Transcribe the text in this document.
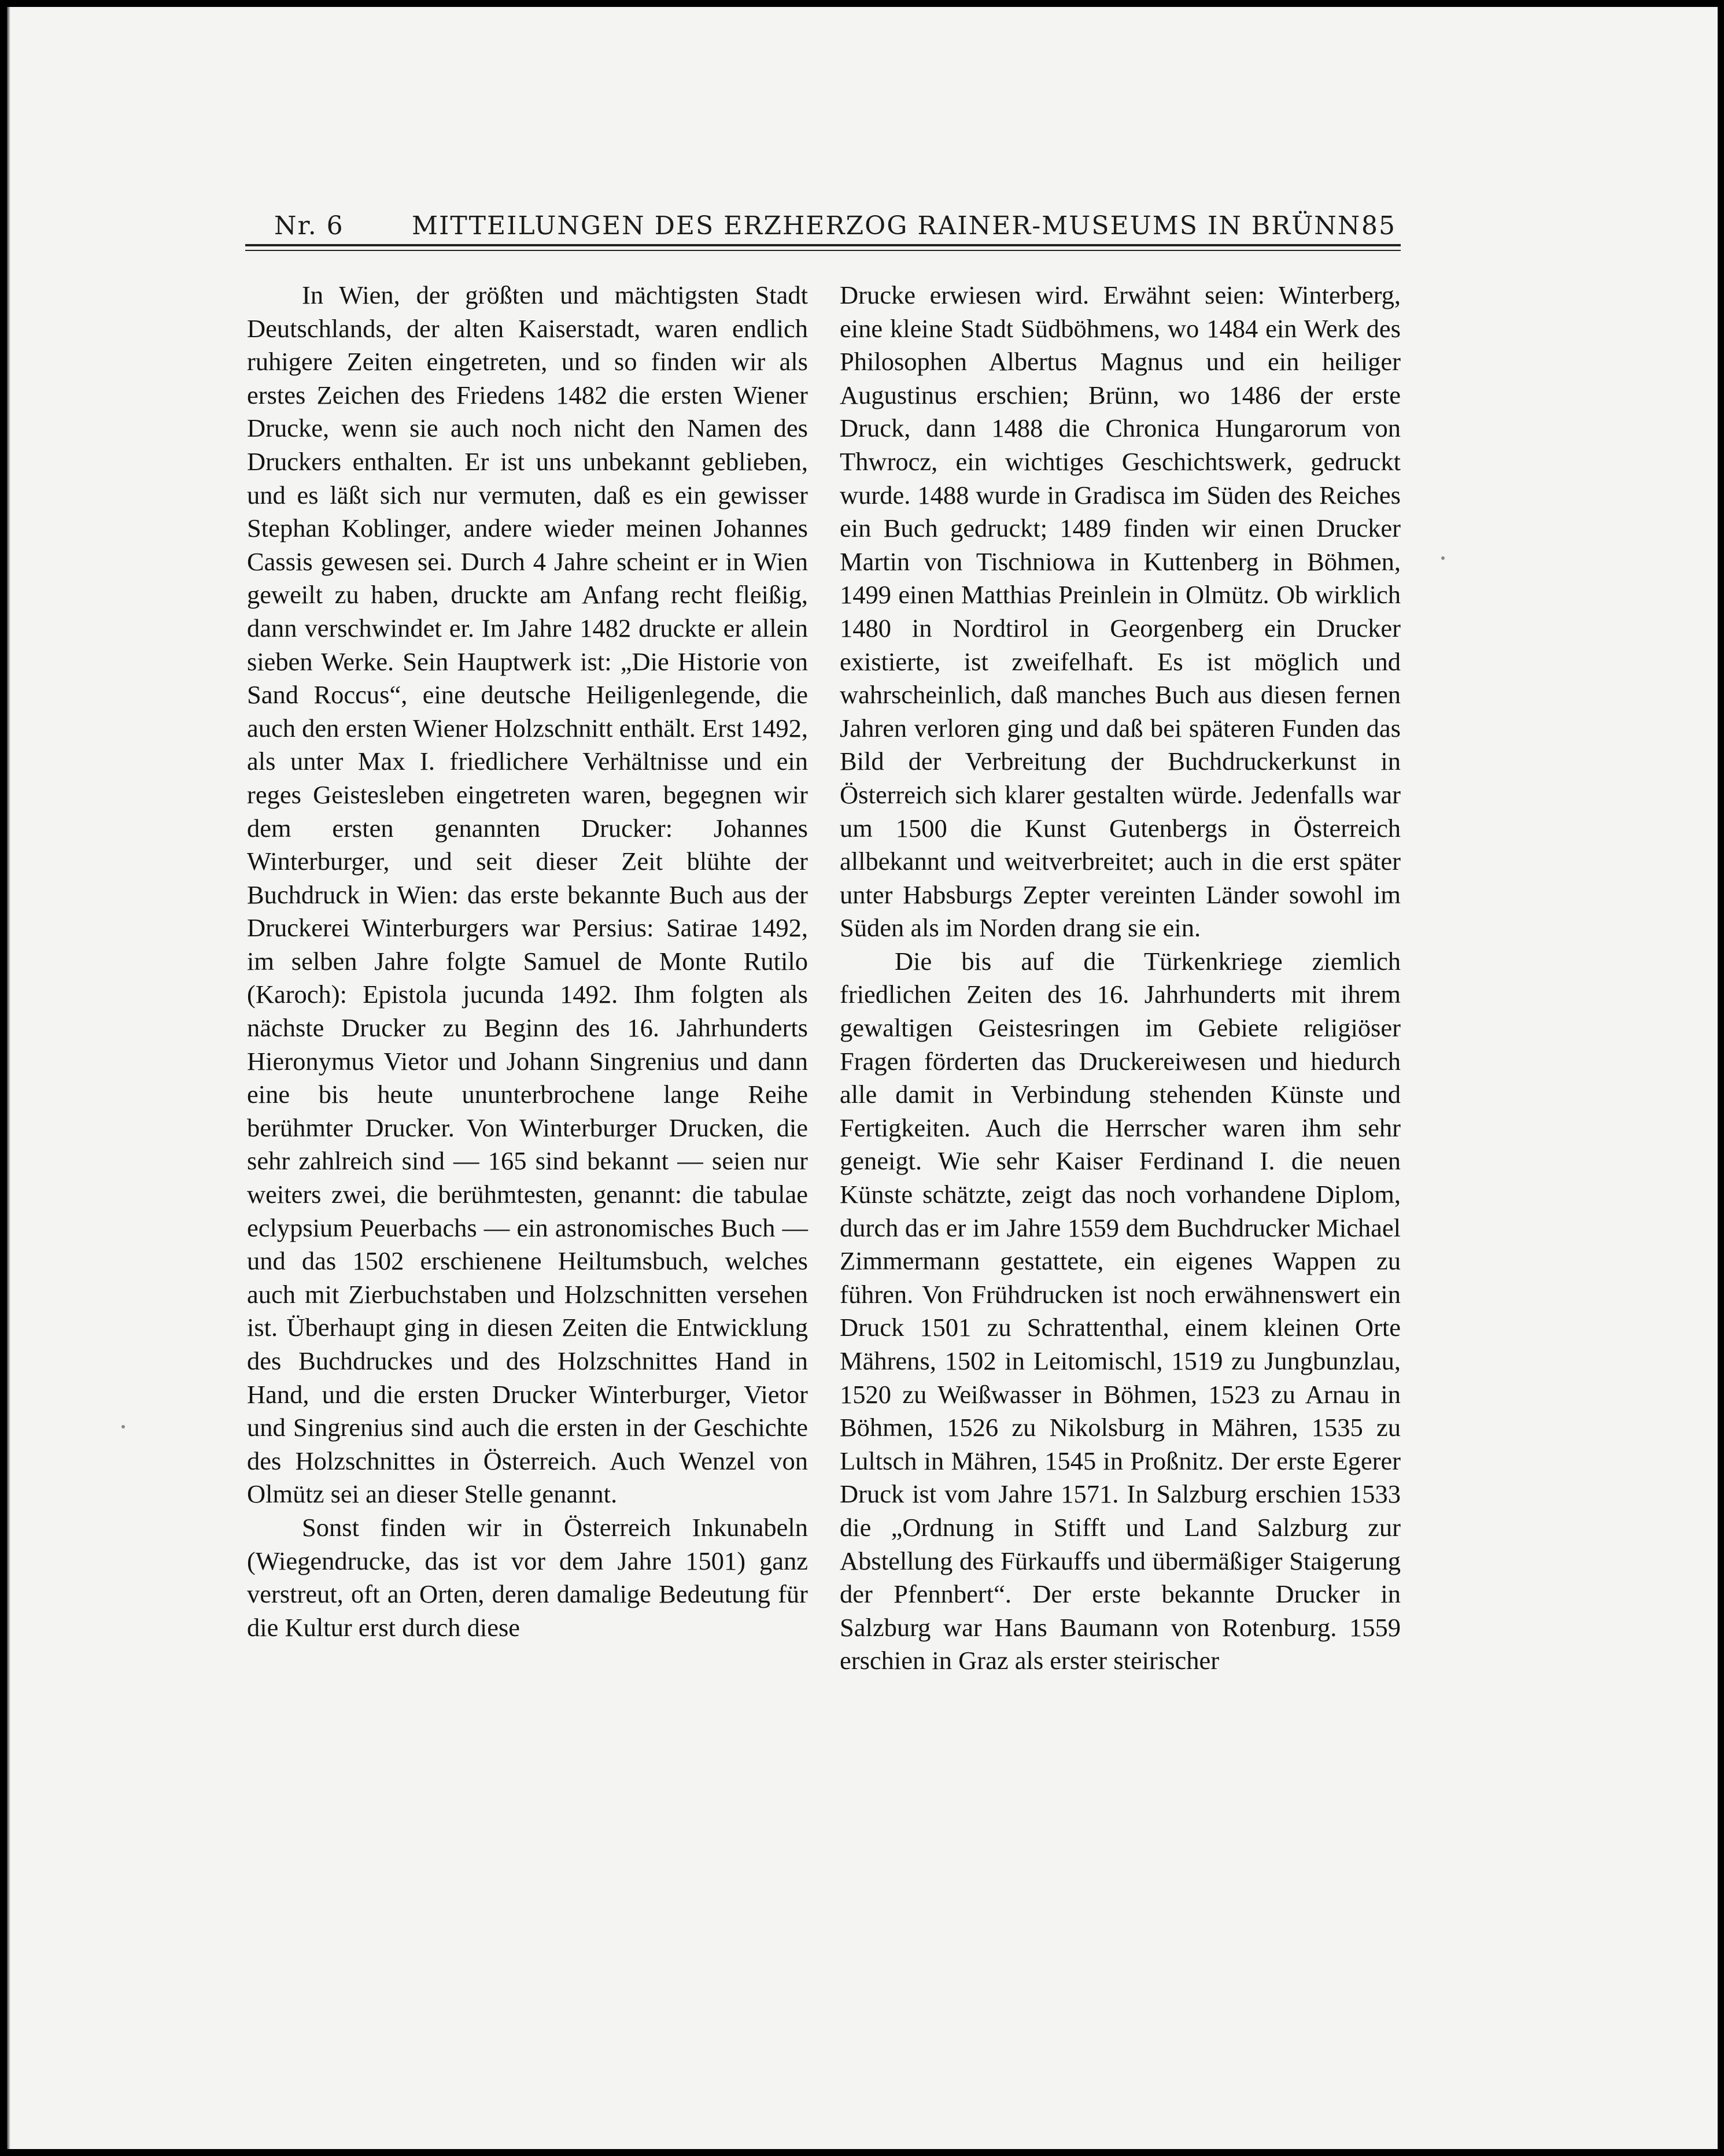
Nr. 6	MITTEILUNGEN DES ERZHERZOG RAINER-MUSEUMS IN BRÜNN 85

In Wien, der größten und mächtigsten Stadt Deutschlands, der alten Kaiserstadt, waren endlich ruhigere Zeiten eingetreten, und so finden wir als erstes Zeichen des Friedens 1482 die ersten Wiener Drucke, wenn sie auch noch nicht den Namen des Druckers enthalten. Er ist uns unbekannt geblieben, und es läßt sich nur vermuten, daß es ein gewisser Stephan Koblinger, andere wieder meinen Johannes Cassis gewesen sei. Durch 4 Jahre scheint er in Wien geweilt zu haben, druckte am Anfang recht fleißig, dann verschwindet er. Im Jahre 1482 druckte er allein sieben Werke. Sein Hauptwerk ist: „Die Historie von Sand Roccus“, eine deutsche Heiligenlegende, die auch den ersten Wiener Holzschnitt enthält. Erst 1492, als unter Max I. friedlichere Verhältnisse und ein reges Geistesleben eingetreten waren, begegnen wir dem ersten genannten Drucker: Johannes Winterburger, und seit dieser Zeit blühte der Buchdruck in Wien: das erste bekannte Buch aus der Druckerei Winterburgers war Persius: Satirae 1492, im selben Jahre folgte Samuel de Monte Rutilo (Karoch): Epistola jucunda 1492. Ihm folgten als nächste Drucker zu Beginn des 16. Jahrhunderts Hieronymus Vietor und Johann Singrenius und dann eine bis heute ununterbrochene lange Reihe berühmter Drucker. Von Winterburger Drucken, die sehr zahlreich sind — 165 sind bekannt — seien nur weiters zwei, die berühmtesten, genannt: die tabulae eclypsium Peuerbachs — ein astronomisches Buch — und das 1502 erschienene Heiltumsbuch, welches auch mit Zierbuchstaben und Holzschnitten versehen ist. Überhaupt ging in diesen Zeiten die Entwicklung des Buchdruckes und des Holzschnittes Hand in Hand, und die ersten Drucker Winterburger, Vietor und Singrenius sind auch die ersten in der Geschichte des Holzschnittes in Österreich. Auch Wenzel von Olmütz sei an dieser Stelle genannt.

Sonst finden wir in Österreich Inkunabeln (Wiegendrucke, das ist vor dem Jahre 1501) ganz verstreut, oft an Orten, deren damalige Bedeutung für die Kultur erst durch diese

Drucke erwiesen wird. Erwähnt seien: Winterberg, eine kleine Stadt Südböhmens, wo 1484 ein Werk des Philosophen Albertus Magnus und ein heiliger Augustinus erschien; Brünn, wo 1486 der erste Druck, dann 1488 die Chronica Hungarorum von Thwrocz, ein wichtiges Geschichtswerk, gedruckt wurde. 1488 wurde in Gradisca im Süden des Reiches ein Buch gedruckt; 1489 finden wir einen Drucker Martin von Tischniowa in Kuttenberg in Böhmen, 1499 einen Matthias Preinlein in Olmütz. Ob wirklich 1480 in Nordtirol in Georgenberg ein Drucker existierte, ist zweifelhaft. Es ist möglich und wahrscheinlich, daß manches Buch aus diesen fernen Jahren verloren ging und daß bei späteren Funden das Bild der Verbreitung der Buchdruckerkunst in Österreich sich klarer gestalten würde. Jedenfalls war um 1500 die Kunst Gutenbergs in Österreich allbekannt und weitverbreitet; auch in die erst später unter Habsburgs Zepter vereinten Länder sowohl im Süden als im Norden drang sie ein.

Die bis auf die Türkenkriege ziemlich friedlichen Zeiten des 16. Jahrhunderts mit ihrem gewaltigen Geistesringen im Gebiete religiöser Fragen förderten das Druckereiwesen und hiedurch alle damit in Verbindung stehenden Künste und Fertigkeiten. Auch die Herrscher waren ihm sehr geneigt. Wie sehr Kaiser Ferdinand I. die neuen Künste schätzte, zeigt das noch vorhandene Diplom, durch das er im Jahre 1559 dem Buchdrucker Michael Zimmermann gestattete, ein eigenes Wappen zu führen. Von Frühdrucken ist noch erwähnenswert ein Druck 1501 zu Schrattenthal, einem kleinen Orte Mährens, 1502 in Leitomischl, 1519 zu Jungbunzlau, 1520 zu Weißwasser in Böhmen, 1523 zu Arnau in Böhmen, 1526 zu Nikolsburg in Mähren, 1535 zu Lultsch in Mähren, 1545 in Proßnitz. Der erste Egerer Druck ist vom Jahre 1571. In Salzburg erschien 1533 die „Ordnung in Stifft und Land Salzburg zur Abstellung des Fürkauffs und übermäßiger Staigerung der Pfennbert“. Der erste bekannte Drucker in Salzburg war Hans Baumann von Rotenburg. 1559 erschien in Graz als erster steirischer
